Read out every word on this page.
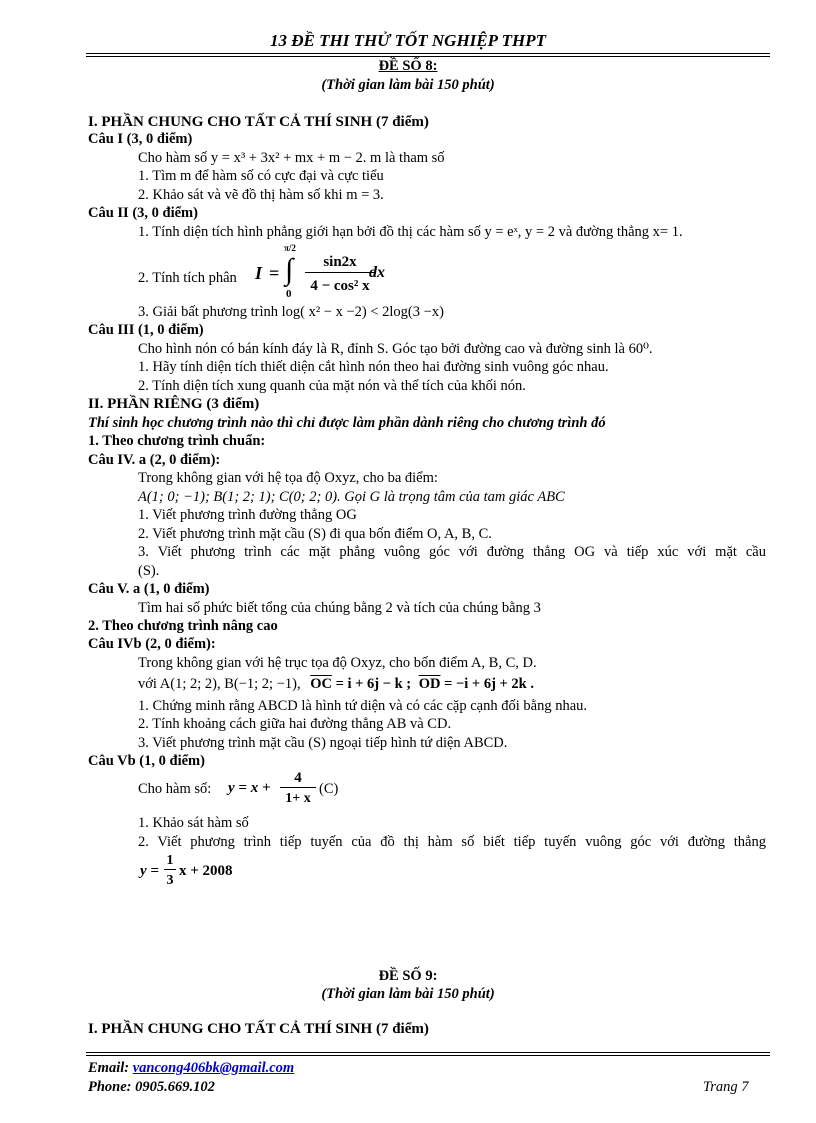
13 ĐỀ THI THỬ TỐT NGHIỆP THPT
ĐỀ SỐ 8:
(Thời gian làm bài 150 phút)
I. PHẦN CHUNG CHO TẤT CẢ THÍ SINH (7 điểm)
Câu I (3, 0 điểm)
Cho hàm số y = x³ + 3x² + mx + m − 2. m là tham số
1. Tìm m để hàm số có cực đại và cực tiểu
2. Khảo sát và vẽ đồ thị hàm số khi m = 3.
Câu II (3, 0 điểm)
1. Tính diện tích hình phẳng giới hạn bởi đồ thị các hàm số y = eˣ, y = 2 và đường thẳng x= 1.
2. Tính tích phân I = ∫
π/2
0
sin2x
4 − cos² x
dx
3. Giải bất phương trình log( x² − x −2) < 2log(3 −x)
Câu III (1, 0 điểm)
Cho hình nón có bán kính đáy là R, đỉnh S. Góc tạo bởi đường cao và đường sinh là 60⁰.
1. Hãy tính diện tích thiết diện cắt hình nón theo hai đường sinh vuông góc nhau.
2. Tính diện tích xung quanh của mặt nón và thể tích của khối nón.
II. PHẦN RIÊNG (3 điểm)
Thí sinh học chương trình nào thì chỉ được làm phần dành riêng cho chương trình đó
1. Theo chương trình chuẩn:
Câu IV. a (2, 0 điểm):
Trong không gian với hệ tọa độ Oxyz, cho ba điểm:
A(1; 0; −1); B(1; 2; 1); C(0; 2; 0). Gọi G là trọng tâm của tam giác ABC
1. Viết phương trình đường thẳng OG
2. Viết phương trình mặt cầu (S) đi qua bốn điểm O, A, B, C.
3. Viết phương trình các mặt phẳng vuông góc với đường thẳng OG và tiếp xúc với mặt cầu
(S).
Câu V. a (1, 0 điểm)
Tìm hai số phức biết tổng của chúng bằng 2 và tích của chúng bằng 3
2. Theo chương trình nâng cao
Câu IVb (2, 0 điểm):
Trong không gian với hệ trục tọa độ Oxyz, cho bốn điểm A, B, C, D.
với A(1; 2; 2), B(−1; 2; −1), $\overline{OC} = i + 6j - k$ ; $\overline{OD} = -i + 6j + 2k$ .
1. Chứng minh rằng ABCD là hình tứ diện và có các cặp cạnh đối bằng nhau.
2. Tính khoảng cách giữa hai đường thẳng AB và CD.
3. Viết phương trình mặt cầu (S) ngoại tiếp hình tứ diện ABCD.
Câu Vb (1, 0 điểm)
Cho hàm số: y = x +
4
1+ x
(C)
1. Khảo sát hàm số
2. Viết phương trình tiếp tuyến của đồ thị hàm số biết tiếp tuyến vuông góc với đường thẳng
y =
1
3
x + 2008
ĐỀ SỐ 9:
(Thời gian làm bài 150 phút)
I. PHẦN CHUNG CHO TẤT CẢ THÍ SINH (7 điểm)
Email: vancong406bk@gmail.com
Phone: 0905.669.102	Trang 7
